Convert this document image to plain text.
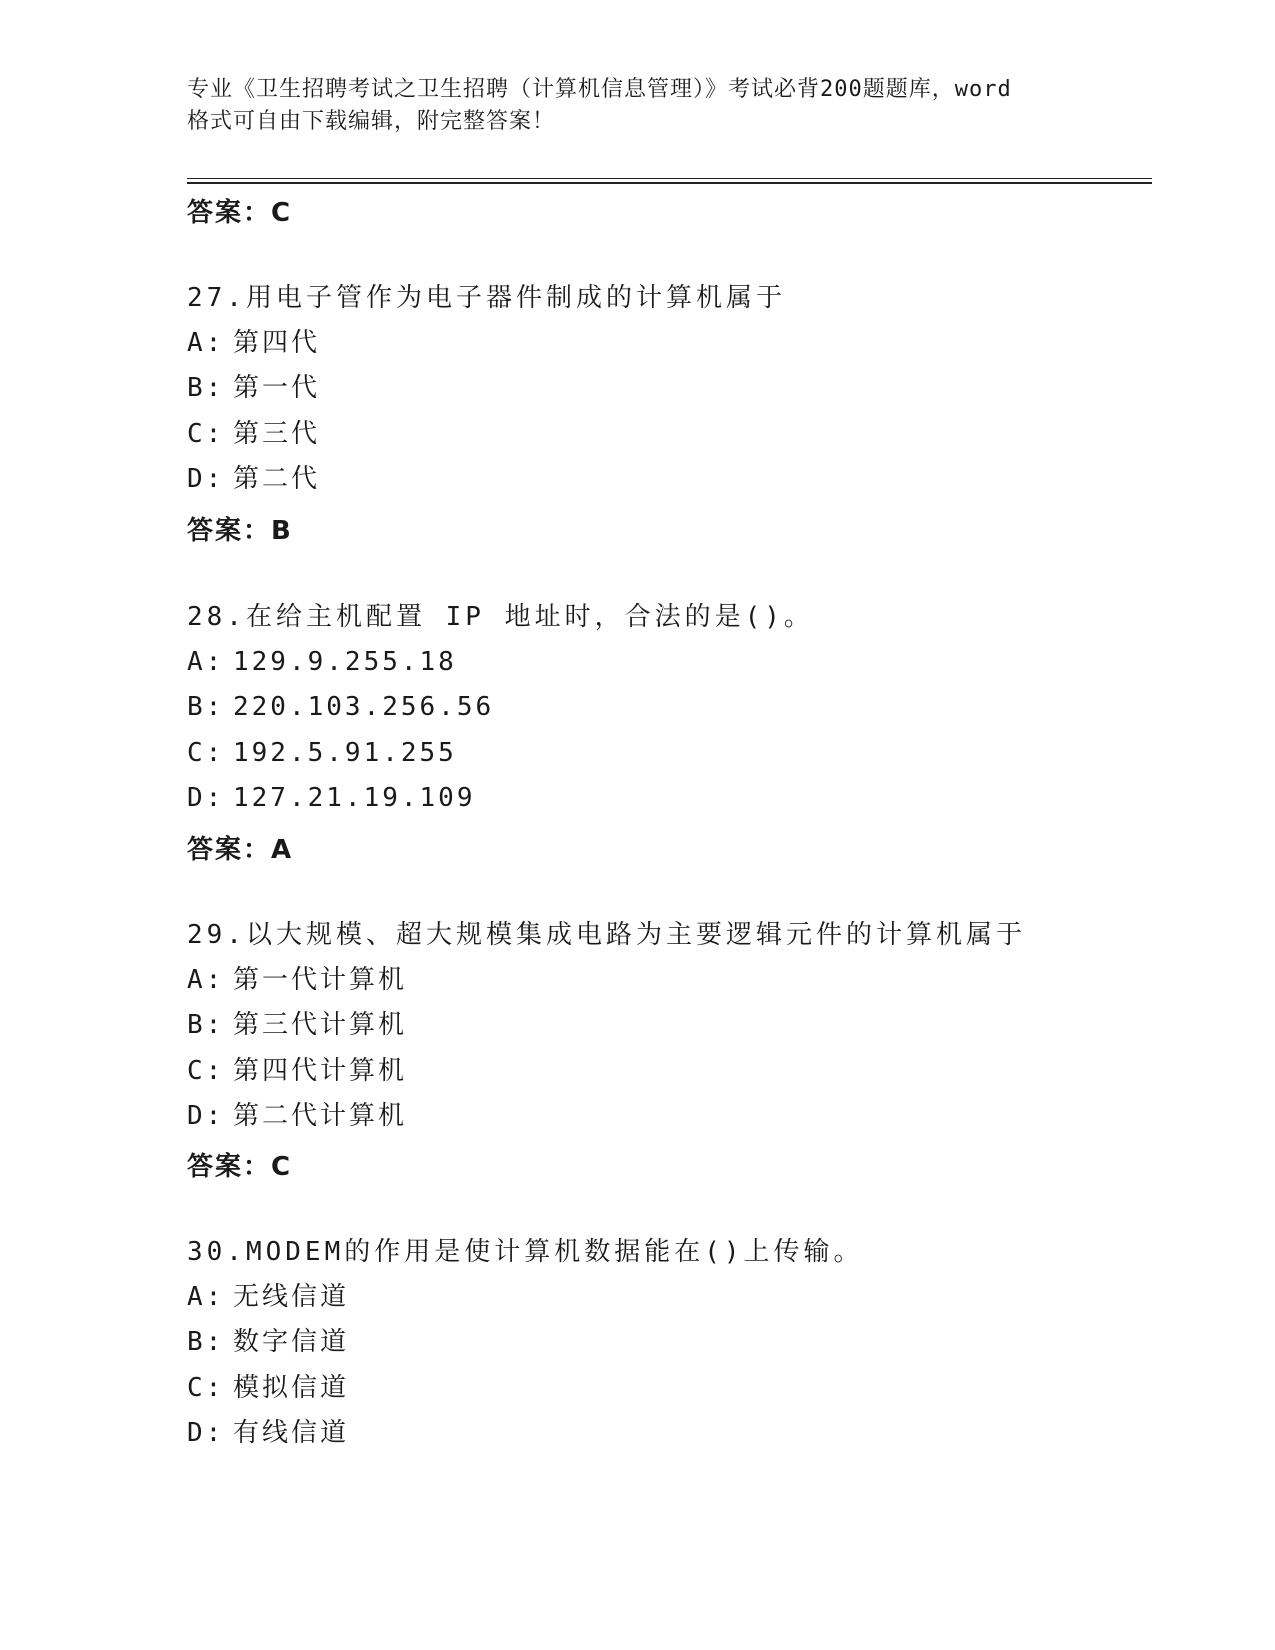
专业《卫生招聘考试之卫生招聘（计算机信息管理）》考试必背200题题库，word
格式可自由下载编辑，附完整答案！
答案：C
27.用电子管作为电子器件制成的计算机属于
A: 第四代
B: 第一代
C: 第三代
D: 第二代
答案：B
28.在给主机配置 IP 地址时，合法的是()。
A: 129.9.255.18
B: 220.103.256.56
C: 192.5.91.255
D: 127.21.19.109
答案：A
29.以大规模、超大规模集成电路为主要逻辑元件的计算机属于
A: 第一代计算机
B: 第三代计算机
C: 第四代计算机
D: 第二代计算机
答案：C
30.MODEM的作用是使计算机数据能在()上传输。
A: 无线信道
B: 数字信道
C: 模拟信道
D: 有线信道
